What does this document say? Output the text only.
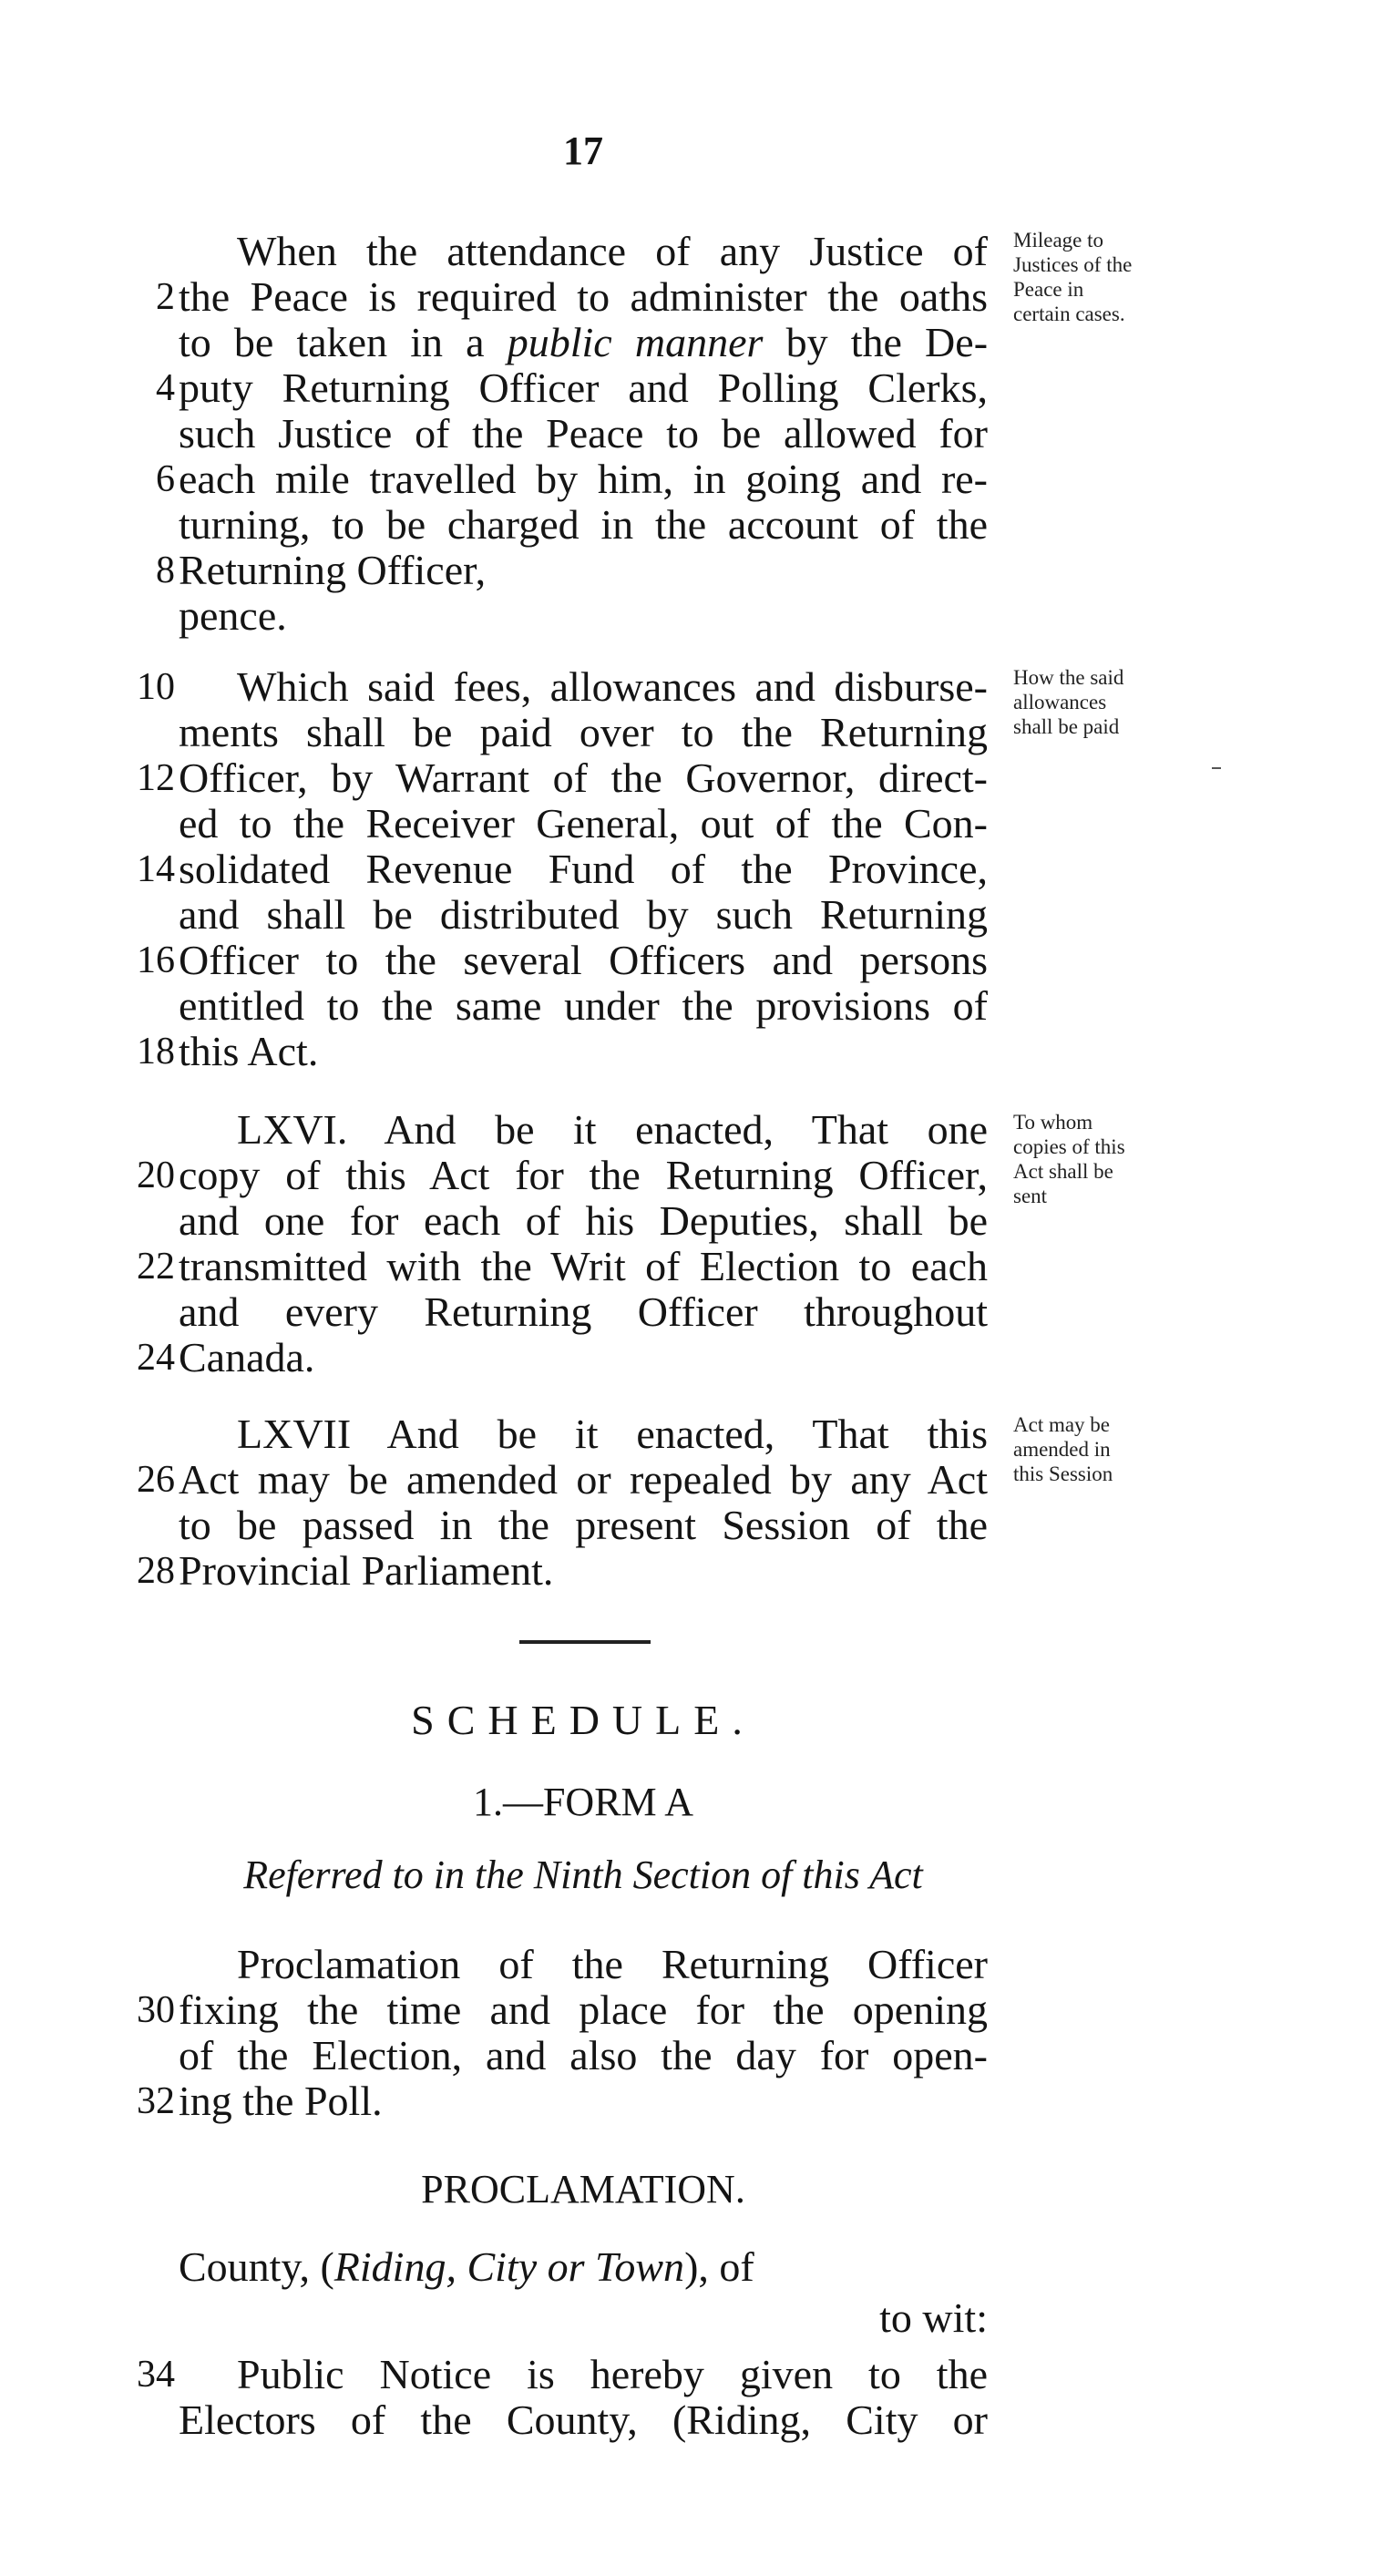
17
When the attendance of any Justice of
2 the Peace is required to administer the oaths
to be taken in a public manner by the De-
4 puty Returning Officer and Polling Clerks,
such Justice of the Peace to be allowed for
6 each mile travelled by him, in going and re-
turning, to be charged in the account of the
8 Returning Officer,
pence.
Mileage to
Justices of the
Peace in
certain cases.
10 Which said fees, allowances and disburse-
ments shall be paid over to the Returning
12 Officer, by Warrant of the Governor, direct-
ed to the Receiver General, out of the Con-
14 solidated Revenue Fund of the Province,
and shall be distributed by such Returning
16 Officer to the several Officers and persons
entitled to the same under the provisions of
18 this Act.
How the said
allowances
shall be paid
LXVI. And be it enacted, That one
20 copy of this Act for the Returning Officer,
and one for each of his Deputies, shall be
22 transmitted with the Writ of Election to each
and every Returning Officer throughout
24 Canada.
To whom
copies of this
Act shall be
sent
LXVII And be it enacted, That this
26 Act may be amended or repealed by any Act
to be passed in the present Session of the
28 Provincial Parliament.
Act may be
amended in
this Session
SCHEDULE.
1.—FORM A
Referred to in the Ninth Section of this Act
Proclamation of the Returning Officer
30 fixing the time and place for the opening
of the Election, and also the day for open-
32 ing the Poll.
PROCLAMATION.
County, (Riding, City or Town), of
to wit:
34 Public Notice is hereby given to the
Electors of the County, (Riding, City or
